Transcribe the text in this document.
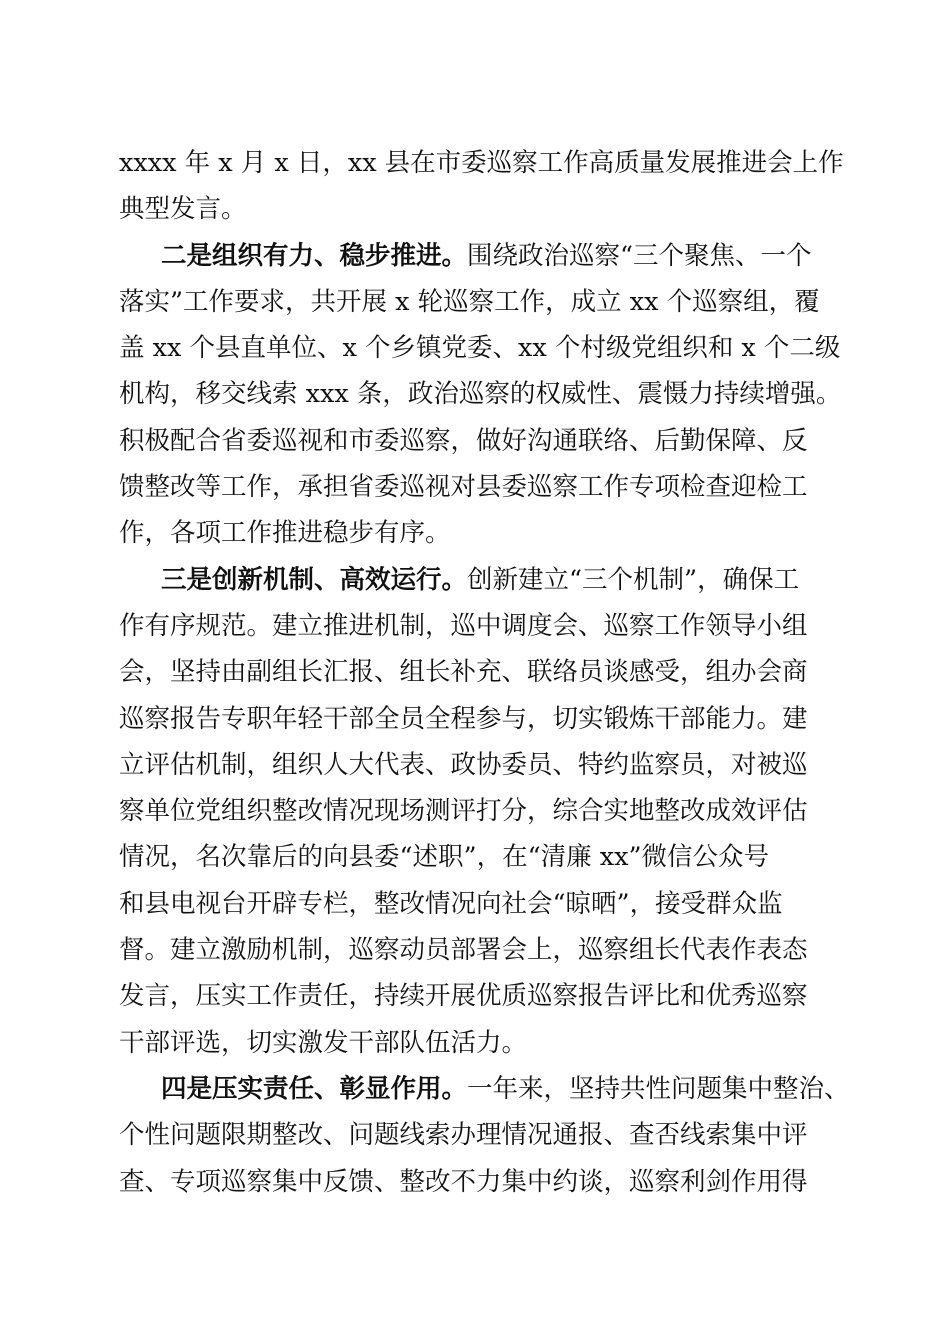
xxxx 年 x 月 x 日，xx 县在市委巡察工作高质量发展推进会上作
典型发言。
二是组织有力、稳步推进。围绕政治巡察“三个聚焦、一个
落实”工作要求，共开展 x 轮巡察工作，成立 xx 个巡察组，覆
盖 xx 个县直单位、x 个乡镇党委、xx 个村级党组织和 x 个二级
机构，移交线索 xxx 条，政治巡察的权威性、震慑力持续增强。
积极配合省委巡视和市委巡察，做好沟通联络、后勤保障、反
馈整改等工作，承担省委巡视对县委巡察工作专项检查迎检工
作，各项工作推进稳步有序。
三是创新机制、高效运行。创新建立“三个机制”，确保工
作有序规范。建立推进机制，巡中调度会、巡察工作领导小组
会，坚持由副组长汇报、组长补充、联络员谈感受，组办会商
巡察报告专职年轻干部全员全程参与，切实锻炼干部能力。建
立评估机制，组织人大代表、政协委员、特约监察员，对被巡
察单位党组织整改情况现场测评打分，综合实地整改成效评估
情况，名次靠后的向县委“述职”，在“清廉 xx”微信公众号
和县电视台开辟专栏，整改情况向社会“晾晒”，接受群众监
督。建立激励机制，巡察动员部署会上，巡察组长代表作表态
发言，压实工作责任，持续开展优质巡察报告评比和优秀巡察
干部评选，切实激发干部队伍活力。
四是压实责任、彰显作用。一年来，坚持共性问题集中整治、
个性问题限期整改、问题线索办理情况通报、查否线索集中评
查、专项巡察集中反馈、整改不力集中约谈，巡察利剑作用得
